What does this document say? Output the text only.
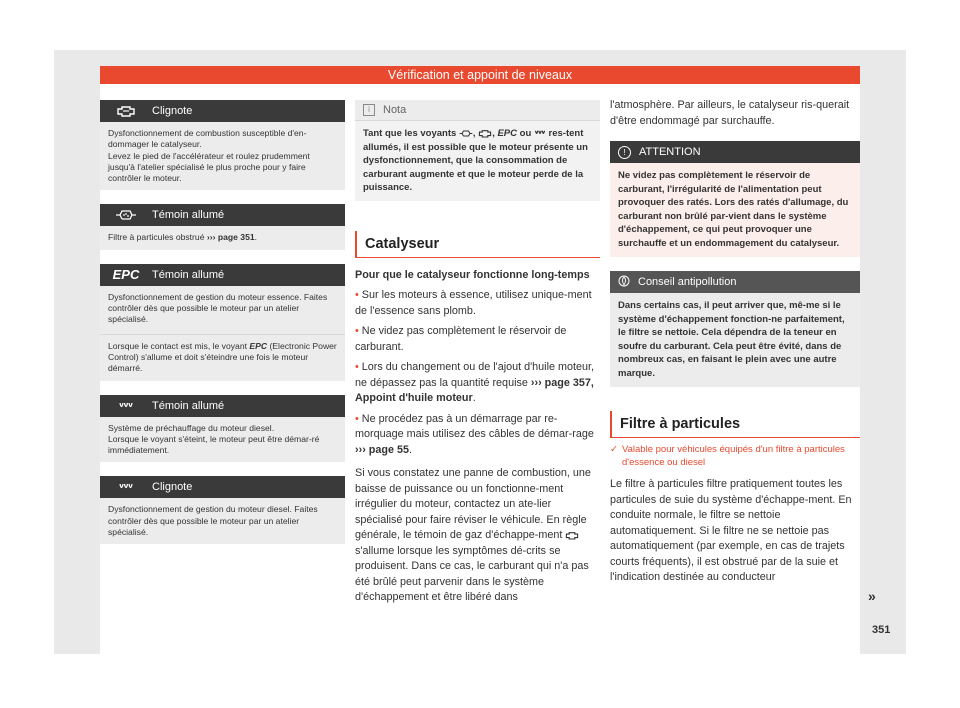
Vérification et appoint de niveaux
Clignote
Dysfonctionnement de combustion susceptible d'en-dommager le catalyseur.
Levez le pied de l'accélérateur et roulez prudemment jusqu'à l'atelier spécialisé le plus proche pour y faire contrôler le moteur.
Témoin allumé
Filtre à particules obstrué ››› page 351.
EPC	Témoin allumé

Dysfonctionnement de gestion du moteur essence. Faites contrôler dès que possible le moteur par un atelier spécialisé.

Lorsque le contact est mis, le voyant EPC (Electronic Power Control) s'allume et doit s'éteindre une fois le moteur démarré.

Témoin allumé
Système de préchauffage du moteur diesel.
Lorsque le voyant s'éteint, le moteur peut être démar-ré immédiatement.
Clignote
Dysfonctionnement de gestion du moteur diesel. Faites contrôler dès que possible le moteur par un atelier spécialisé.
i	Nota
Tant que les voyants , , EPC ou  res-tent allumés, il est possible que le moteur présente un dysfonctionnement, que la consommation de carburant augmente et que le moteur perde de la puissance.
Catalyseur

Pour que le catalyseur fonctionne long-temps

• Sur les moteurs à essence, utilisez unique-ment de l'essence sans plomb.

• Ne videz pas complètement le réservoir de carburant.

• Lors du changement ou de l'ajout d'huile moteur, ne dépassez pas la quantité requise ››› page 357, Appoint d'huile moteur.

• Ne procédez pas à un démarrage par re-morquage mais utilisez des câbles de démar-rage ››› page 55.

Si vous constatez une panne de combustion, une baisse de puissance ou un fonctionne-ment irrégulier du moteur, contactez un ate-lier spécialisé pour faire réviser le véhicule. En règle générale, le témoin de gaz d'échappe-ment  s'allume lorsque les symptômes dé-crits se produisent. Dans ce cas, le carburant qui n'a pas été brûlé peut parvenir dans le système d'échappement et être libéré dans

l'atmosphère. Par ailleurs, le catalyseur ris-querait d'être endommagé par surchauffe.
!	ATTENTION
Ne videz pas complètement le réservoir de carburant, l'irrégularité de l'alimentation peut provoquer des ratés. Lors des ratés d'allumage, du carburant non brûlé par-vient dans le système d'échappement, ce qui peut provoquer une surchauffe et un endommagement du catalyseur.
Conseil antipollution
Dans certains cas, il peut arriver que, mê-me si le système d'échappement fonction-ne parfaitement, le filtre se nettoie. Cela dépendra de la teneur en soufre du carburant. Cela peut être évité, dans de nombreux cas, en faisant le plein avec une autre marque.
Filtre à particules
✓ Valable pour véhicules équipés d'un filtre à particules d'essence ou diesel
Le filtre à particules filtre pratiquement toutes les particules de suie du système d'échappe-ment. En conduite normale, le filtre se nettoie automatiquement. Si le filtre ne se nettoie pas automatiquement (par exemple, en cas de trajets courts fréquents), il est obstrué par de la suie et l'indication destinée au conducteur
»
351
